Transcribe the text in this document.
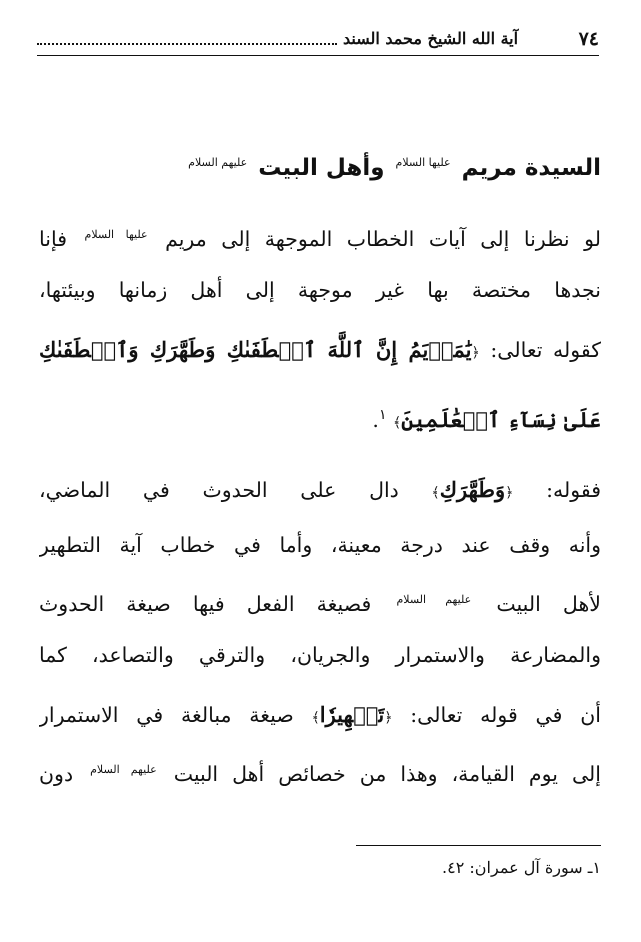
٧٤
آية الله الشيخ محمد السند
السيدة مريم $^{عليها السلام}$ وأهل البيت $^{عليهم السلام}$
لو نظرنا إلى آيات الخطاب الموجهة إلى مريم $^{عليها السلام}$ فإنا
نجدها مختصة بها غير موجهة إلى أهل زمانها وبيئتها،
كقوله تعالى: ﴿يَٰمَرۡيَمُ إِنَّ ٱللَّهَ ٱصۡطَفَىٰكِ وَطَهَّرَكِ وَٱصۡطَفَىٰكِ
عَلَىٰ نِسَآءِ ٱلۡعَٰلَمِينَ﴾ $^١$.
فقوله: ﴿وَطَهَّرَكِ﴾ دال على الحدوث في الماضي،
وأنه وقف عند درجة معينة، وأما في خطاب آية التطهير
لأهل البيت $^{عليهم السلام}$ فصيغة الفعل فيها صيغة الحدوث
والمضارعة والاستمرار والجريان، والترقي والتصاعد، كما
أن في قوله تعالى: ﴿تَطۡهِيرٗا﴾ صيغة مبالغة في الاستمرار
إلى يوم القيامة، وهذا من خصائص أهل البيت $^{عليهم السلام}$ دون
١ـ سورة آل عمران: ٤٢.
